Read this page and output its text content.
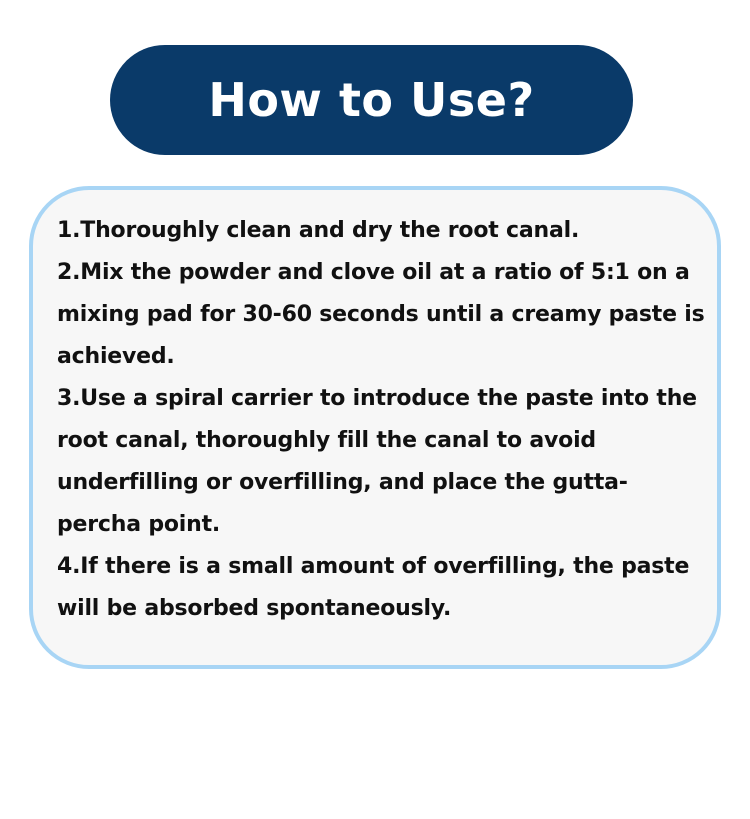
How to Use?
1.Thoroughly clean and dry the root canal.
2.Mix the powder and clove oil at a ratio of 5:1 on a mixing pad for 30-60 seconds until a creamy paste is achieved.
3.Use a spiral carrier to introduce the paste into the root canal, thoroughly fill the canal to avoid underfilling or overfilling, and place the gutta-percha point.
4.If there is a small amount of overfilling, the paste will be absorbed spontaneously.
